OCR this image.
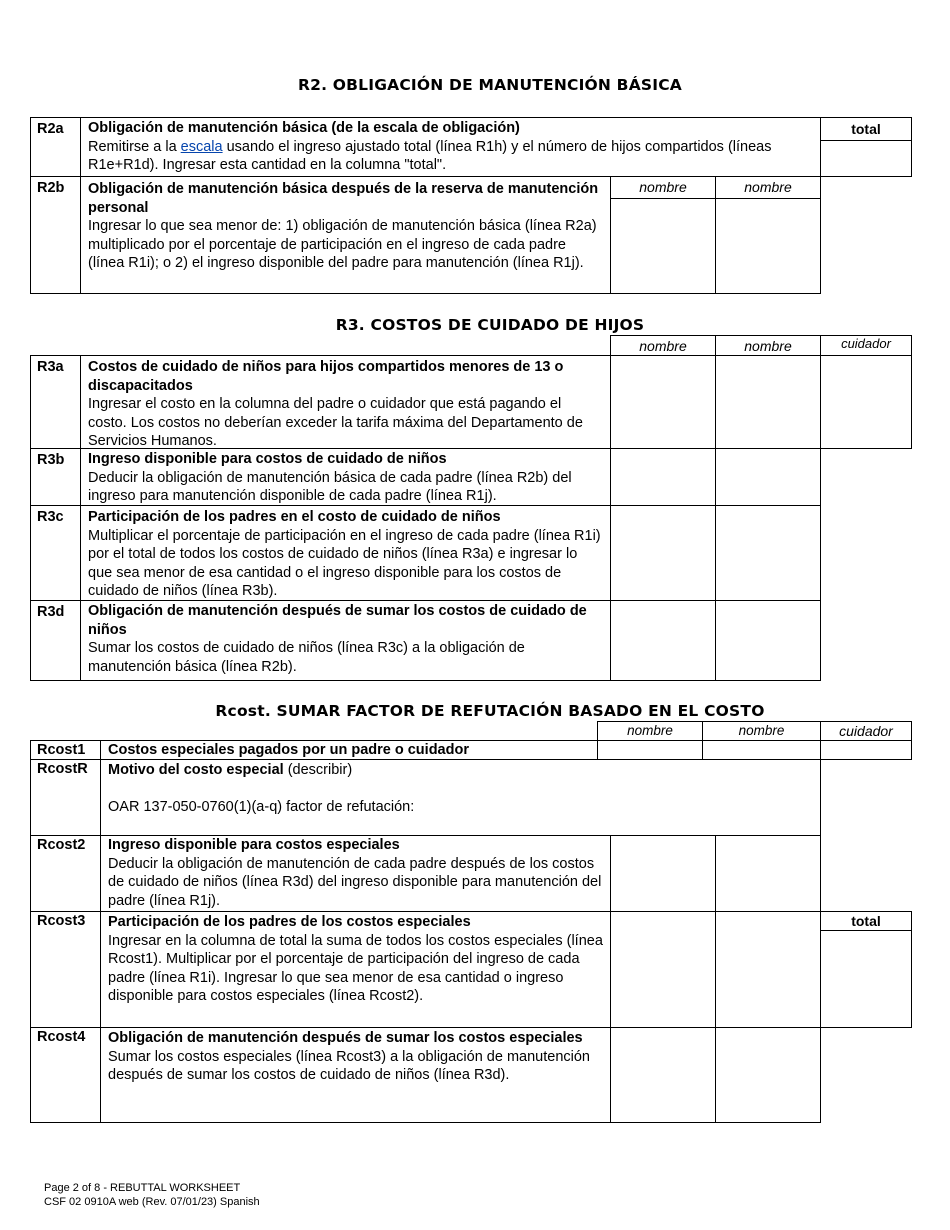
R2. OBLIGACIÓN DE MANUTENCIÓN BÁSICA
R2a	Obligación de manutención básica (de la escala de obligación)
Remitirse a la escala usando el ingreso ajustado total (línea R1h) y el número de hijos compartidos (líneas R1e+R1d). Ingresar esta cantidad en la columna "total".
total
R2b	Obligación de manutención básica después de la reserva de manutención personal
Ingresar lo que sea menor de: 1) obligación de manutención básica (línea R2a) multiplicado por el porcentaje de participación en el ingreso de cada padre (línea R1i); o 2) el ingreso disponible del padre para manutención (línea R1j).
nombre	nombre
R3. COSTOS DE CUIDADO DE HIJOS
nombre	nombre	cuidador
R3a	Costos de cuidado de niños para hijos compartidos menores de 13 o discapacitados
Ingresar el costo en la columna del padre o cuidador que está pagando el costo. Los costos no deberían exceder la tarifa máxima del Departamento de Servicios Humanos.
R3b	Ingreso disponible para costos de cuidado de niños
Deducir la obligación de manutención básica de cada padre (línea R2b) del ingreso para manutención disponible de cada padre (línea R1j).
R3c	Participación de los padres en el costo de cuidado de niños
Multiplicar el porcentaje de participación en el ingreso de cada padre (línea R1i) por el total de todos los costos de cuidado de niños (línea R3a) e ingresar lo que sea menor de esa cantidad o el ingreso disponible para los costos de cuidado de niños (línea R3b).
R3d	Obligación de manutención después de sumar los costos de cuidado de niños
Sumar los costos de cuidado de niños (línea R3c) a la obligación de manutención básica (línea R2b).
Rcost. SUMAR FACTOR DE REFUTACIÓN BASADO EN EL COSTO
nombre	nombre	cuidador
Rcost1	Costos especiales pagados por un padre o cuidador
RcostR	Motivo del costo especial (describir)

OAR 137-050-0760(1)(a-q) factor de refutación:
Rcost2	Ingreso disponible para costos especiales
Deducir la obligación de manutención de cada padre después de los costos de cuidado de niños (línea R3d) del ingreso disponible para manutención del padre (línea R1j).
Rcost3	Participación de los padres de los costos especiales
Ingresar en la columna de total la suma de todos los costos especiales (línea Rcost1). Multiplicar por el porcentaje de participación del ingreso de cada padre (línea R1i). Ingresar lo que sea menor de esa cantidad o ingreso disponible para costos especiales (línea Rcost2).
total
Rcost4	Obligación de manutención después de sumar los costos especiales
Sumar los costos especiales (línea Rcost3) a la obligación de manutención después de sumar los costos de cuidado de niños (línea R3d).
Page 2 of 8 - REBUTTAL WORKSHEET
CSF 02 0910A web (Rev. 07/01/23) Spanish
